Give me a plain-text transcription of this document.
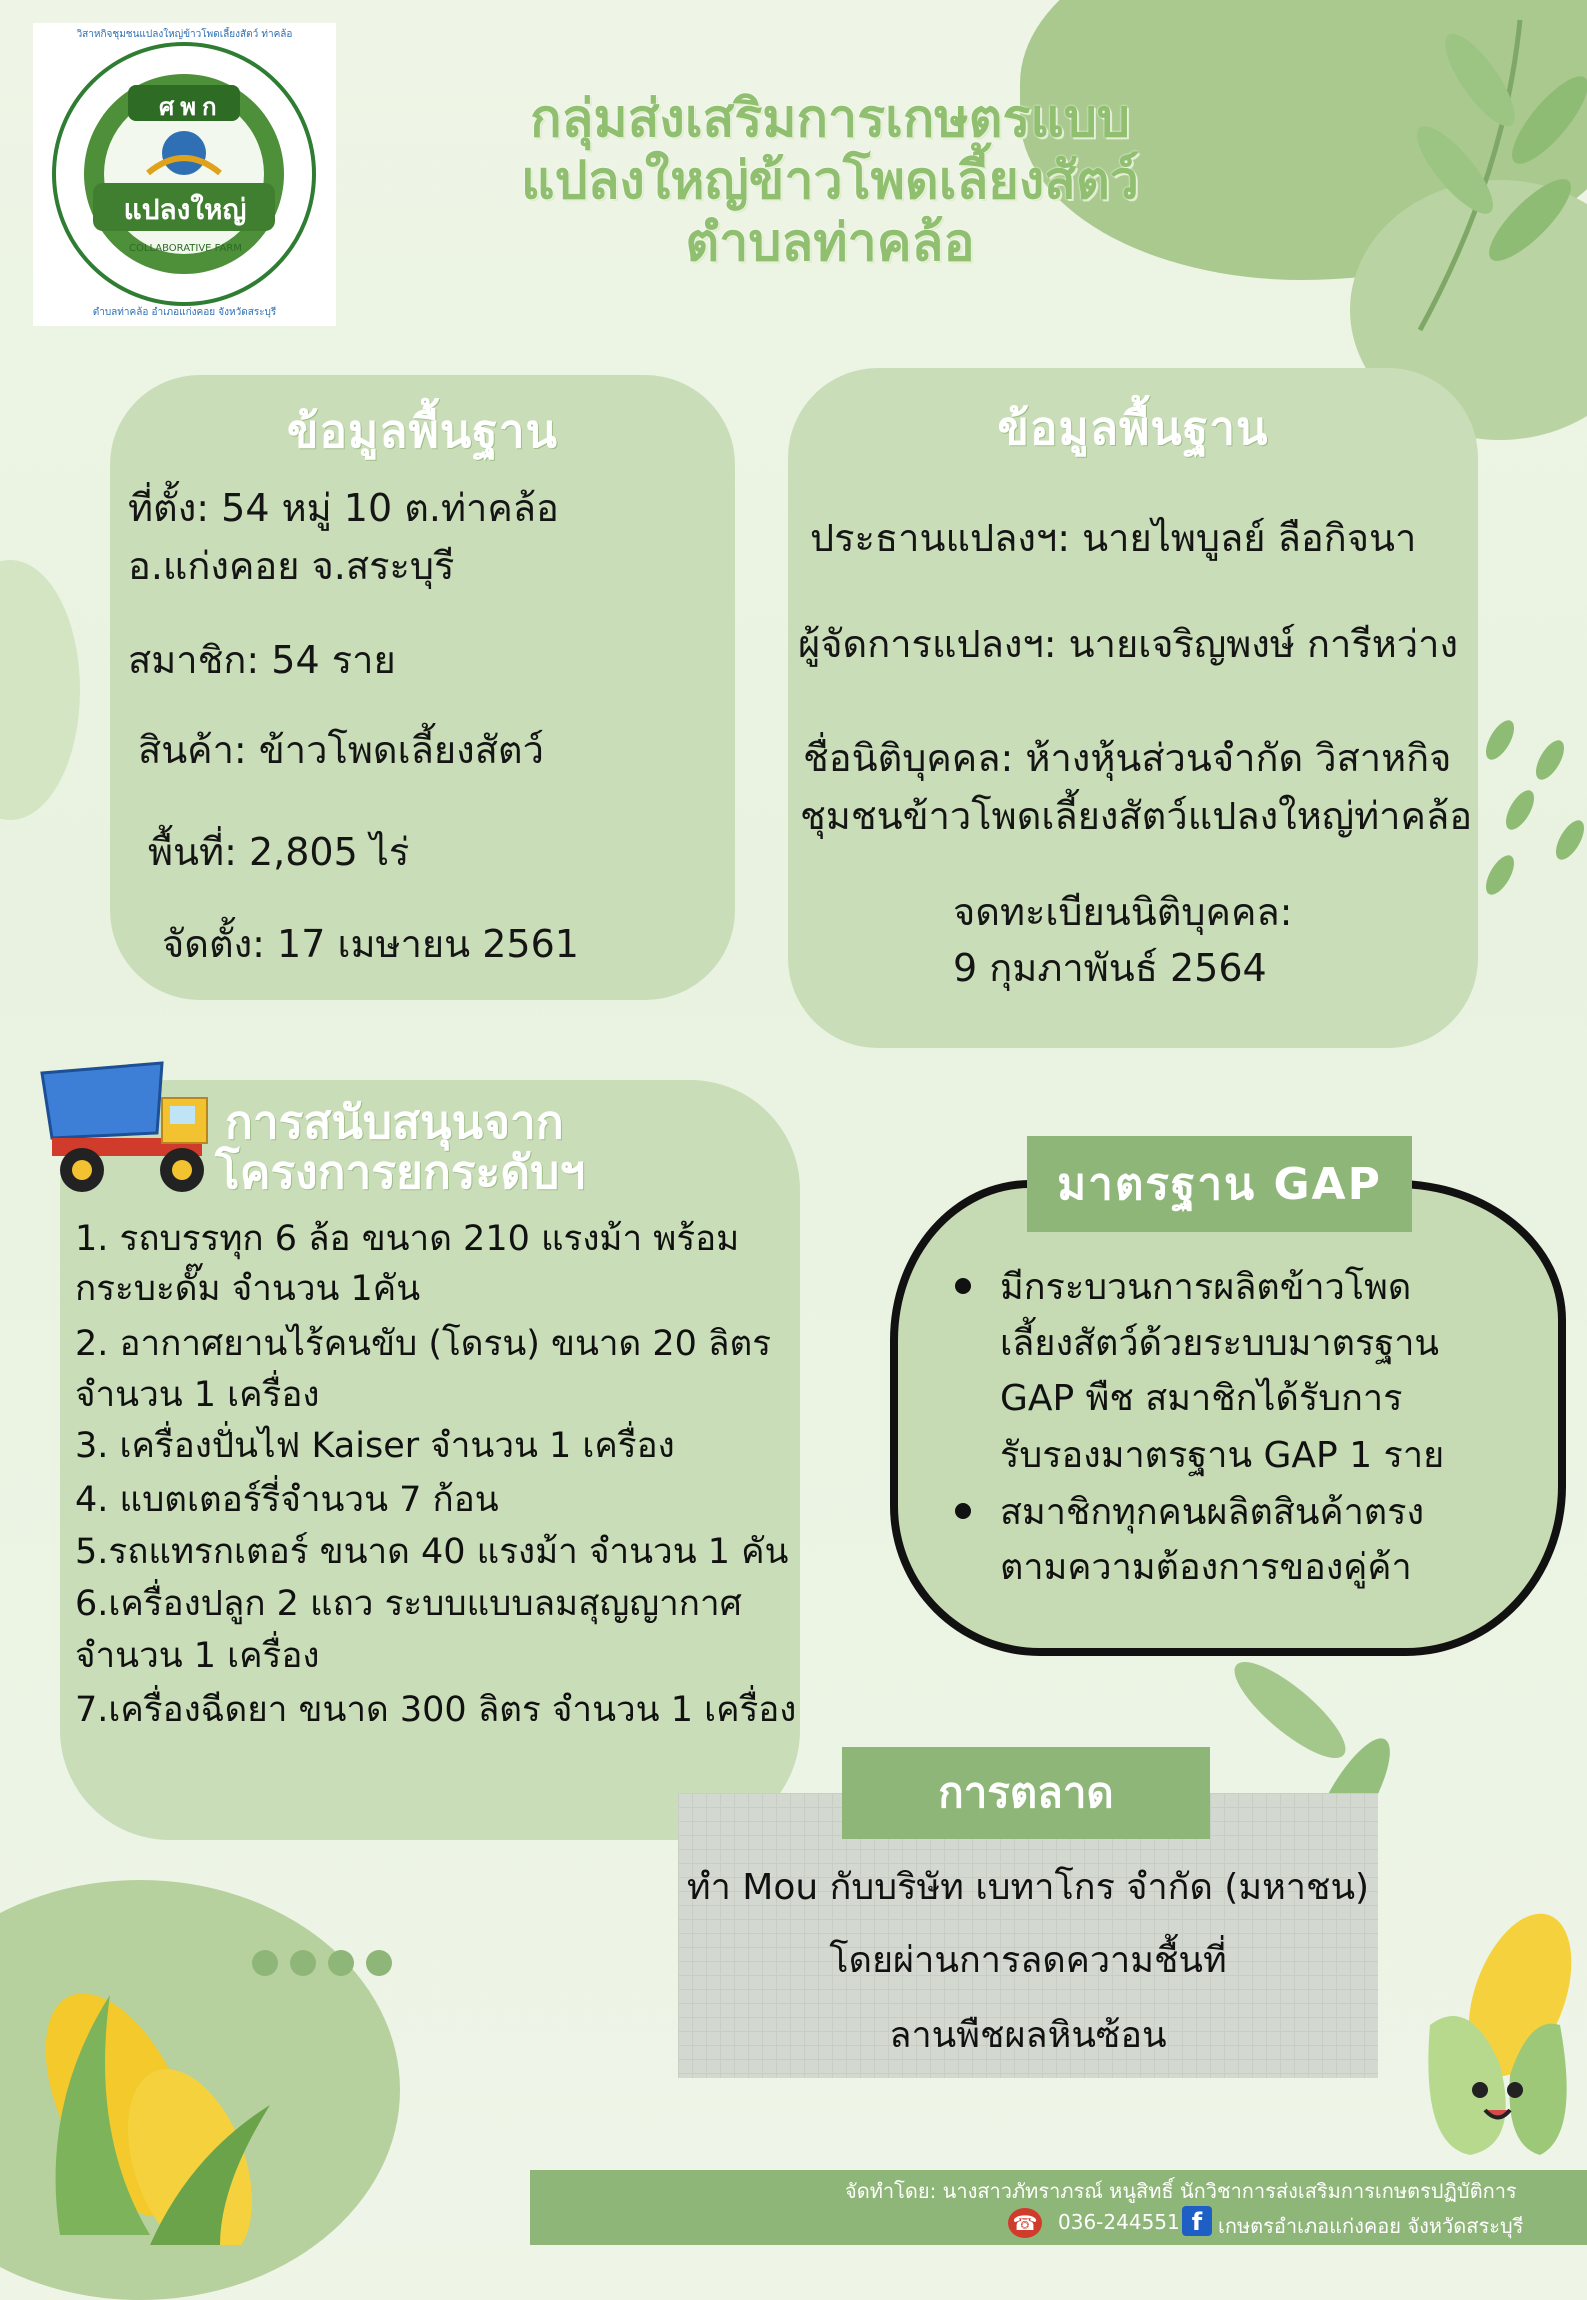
ศพก
แปลงใหญ่
COLLABORATIVE FARM
วิสาหกิจชุมชนแปลงใหญ่ข้าวโพดเลี้ยงสัตว์ ท่าคล้อ
ตำบลท่าคล้อ อำเภอแก่งคอย จังหวัดสระบุรี
กลุ่มส่งเสริมการเกษตรแบบ
แปลงใหญ่ข้าวโพดเลี้ยงสัตว์
ตำบลท่าคล้อ
ข้อมูลพื้นฐาน
ที่ตั้ง: 54 หมู่ 10 ต.ท่าคล้อ
อ.แก่งคอย จ.สระบุรี
สมาชิก: 54 ราย
สินค้า: ข้าวโพดเลี้ยงสัตว์
พื้นที่: 2,805 ไร่
จัดตั้ง: 17 เมษายน 2561
ข้อมูลพื้นฐาน
ประธานแปลงฯ: นายไพบูลย์ ลือกิจนา
ผู้จัดการแปลงฯ: นายเจริญพงษ์ การีหว่าง
ชื่อนิติบุคคล: ห้างหุ้นส่วนจำกัด วิสาหกิจ
ชุมชนข้าวโพดเลี้ยงสัตว์แปลงใหญ่ท่าคล้อ
จดทะเบียนนิติบุคคล:
9 กุมภาพันธ์ 2564
การสนับสนุนจาก
โครงการยกระดับฯ
1. รถบรรทุก 6 ล้อ ขนาด 210 แรงม้า พร้อม
กระบะดั๊ม จำนวน 1คัน
2. อากาศยานไร้คนขับ (โดรน) ขนาด 20 ลิตร
จำนวน 1 เครื่อง
3. เครื่องปั่นไฟ Kaiser จำนวน 1 เครื่อง
4. แบตเตอร์รี่จำนวน 7 ก้อน
5.รถแทรกเตอร์ ขนาด 40 แรงม้า จำนวน 1 คัน
6.เครื่องปลูก 2 แถว ระบบแบบลมสุญญากาศ
จำนวน 1 เครื่อง
7.เครื่องฉีดยา ขนาด 300 ลิตร จำนวน 1 เครื่อง
มาตรฐาน GAP
มีกระบวนการผลิตข้าวโพด
เลี้ยงสัตว์ด้วยระบบมาตรฐาน
GAP พืช สมาชิกได้รับการ
รับรองมาตรฐาน GAP 1 ราย
สมาชิกทุกคนผลิตสินค้าตรง
ตามความต้องการของคู่ค้า
การตลาด
ทำ Mou กับบริษัท เบทาโกร จำกัด (มหาชน)
โดยผ่านการลดความชื้นที่
ลานพืชผลหินซ้อน
จัดทำโดย: นางสาวภัทราภรณ์ หนูสิทธิ์ นักวิชาการส่งเสริมการเกษตรปฏิบัติการ
☎ 036-244551 f เกษตรอำเภอแก่งคอย จังหวัดสระบุรี
